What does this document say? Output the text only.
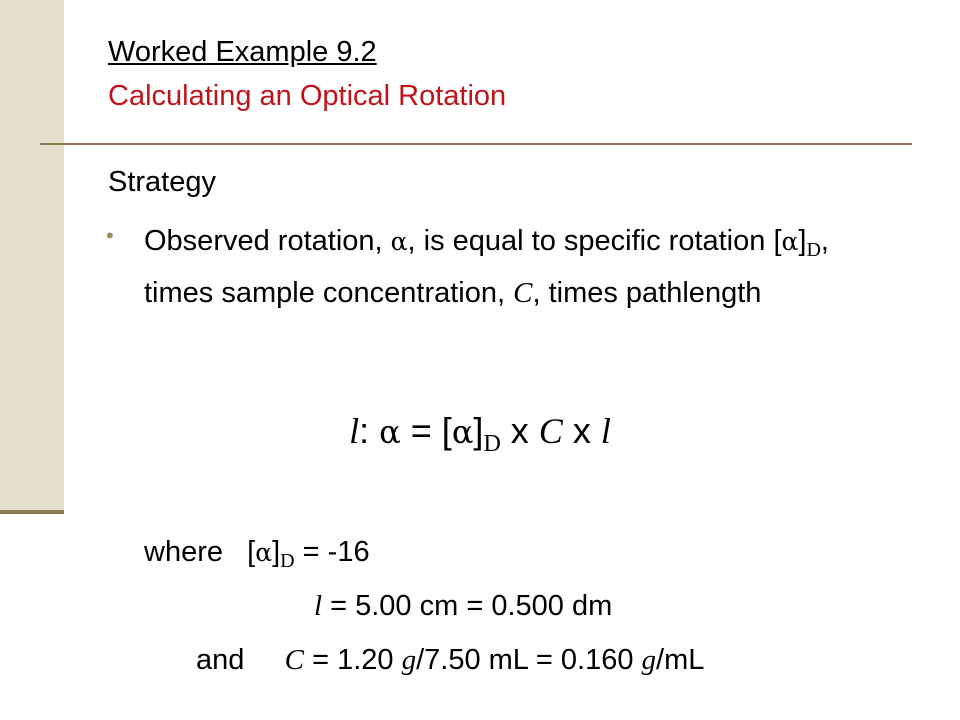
Worked Example 9.2
Calculating an Optical Rotation
Strategy
• Observed rotation, α, is equal to specific rotation $[\alpha]_D$, times sample concentration, C, times pathlength
l: $\alpha = [\alpha]_D$ x C x l
where   $[\alpha]_D = -16$
l = 5.00 cm = 0.500 dm
and     C = 1.20 g/7.50 mL = 0.160 g/mL
